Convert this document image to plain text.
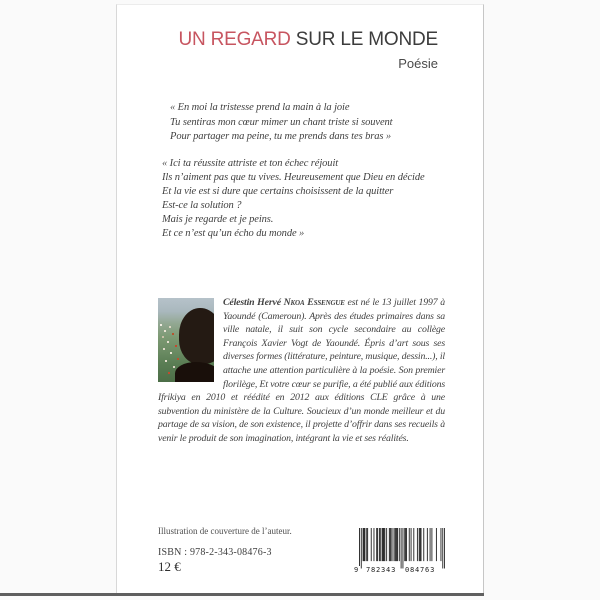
UN REGARD SUR LE MONDE
Poésie
« En moi la tristesse prend la main à la joie
Tu sentiras mon cœur mimer un chant triste si souvent
Pour partager ma peine, tu me prends dans tes bras »
« Ici ta réussite attriste et ton échec réjouit
Ils n’aiment pas que tu vives. Heureusement que Dieu en décide
Et la vie est si dure que certains choisissent de la quitter
Est-ce la solution ?
Mais je regarde et je peins.
Et ce n’est qu’un écho du monde »
Célestin Hervé Nkoa Essengue est né le 13 juillet 1997 à Yaoundé (Cameroun). Après des études primaires dans sa ville natale, il suit son cycle secondaire au collège François Xavier Vogt de Yaoundé. Épris d’art sous ses diverses formes (littérature, peinture, musique, dessin...), il attache une attention particulière à la poésie. Son premier florilège, Et votre cœur se purifie, a été publié aux éditions Ifrikiya en 2010 et réédité en 2012 aux éditions CLE grâce à une subvention du ministère de la Culture. Soucieux d’un monde meilleur et du partage de sa vision, de son existence, il projette d’offrir dans ses recueils à venir le produit de son imagination, intégrant la vie et ses réalités.
Illustration de couverture de l’auteur.
ISBN : 978-2-343-08476-3
12 €	9 782343 084763
